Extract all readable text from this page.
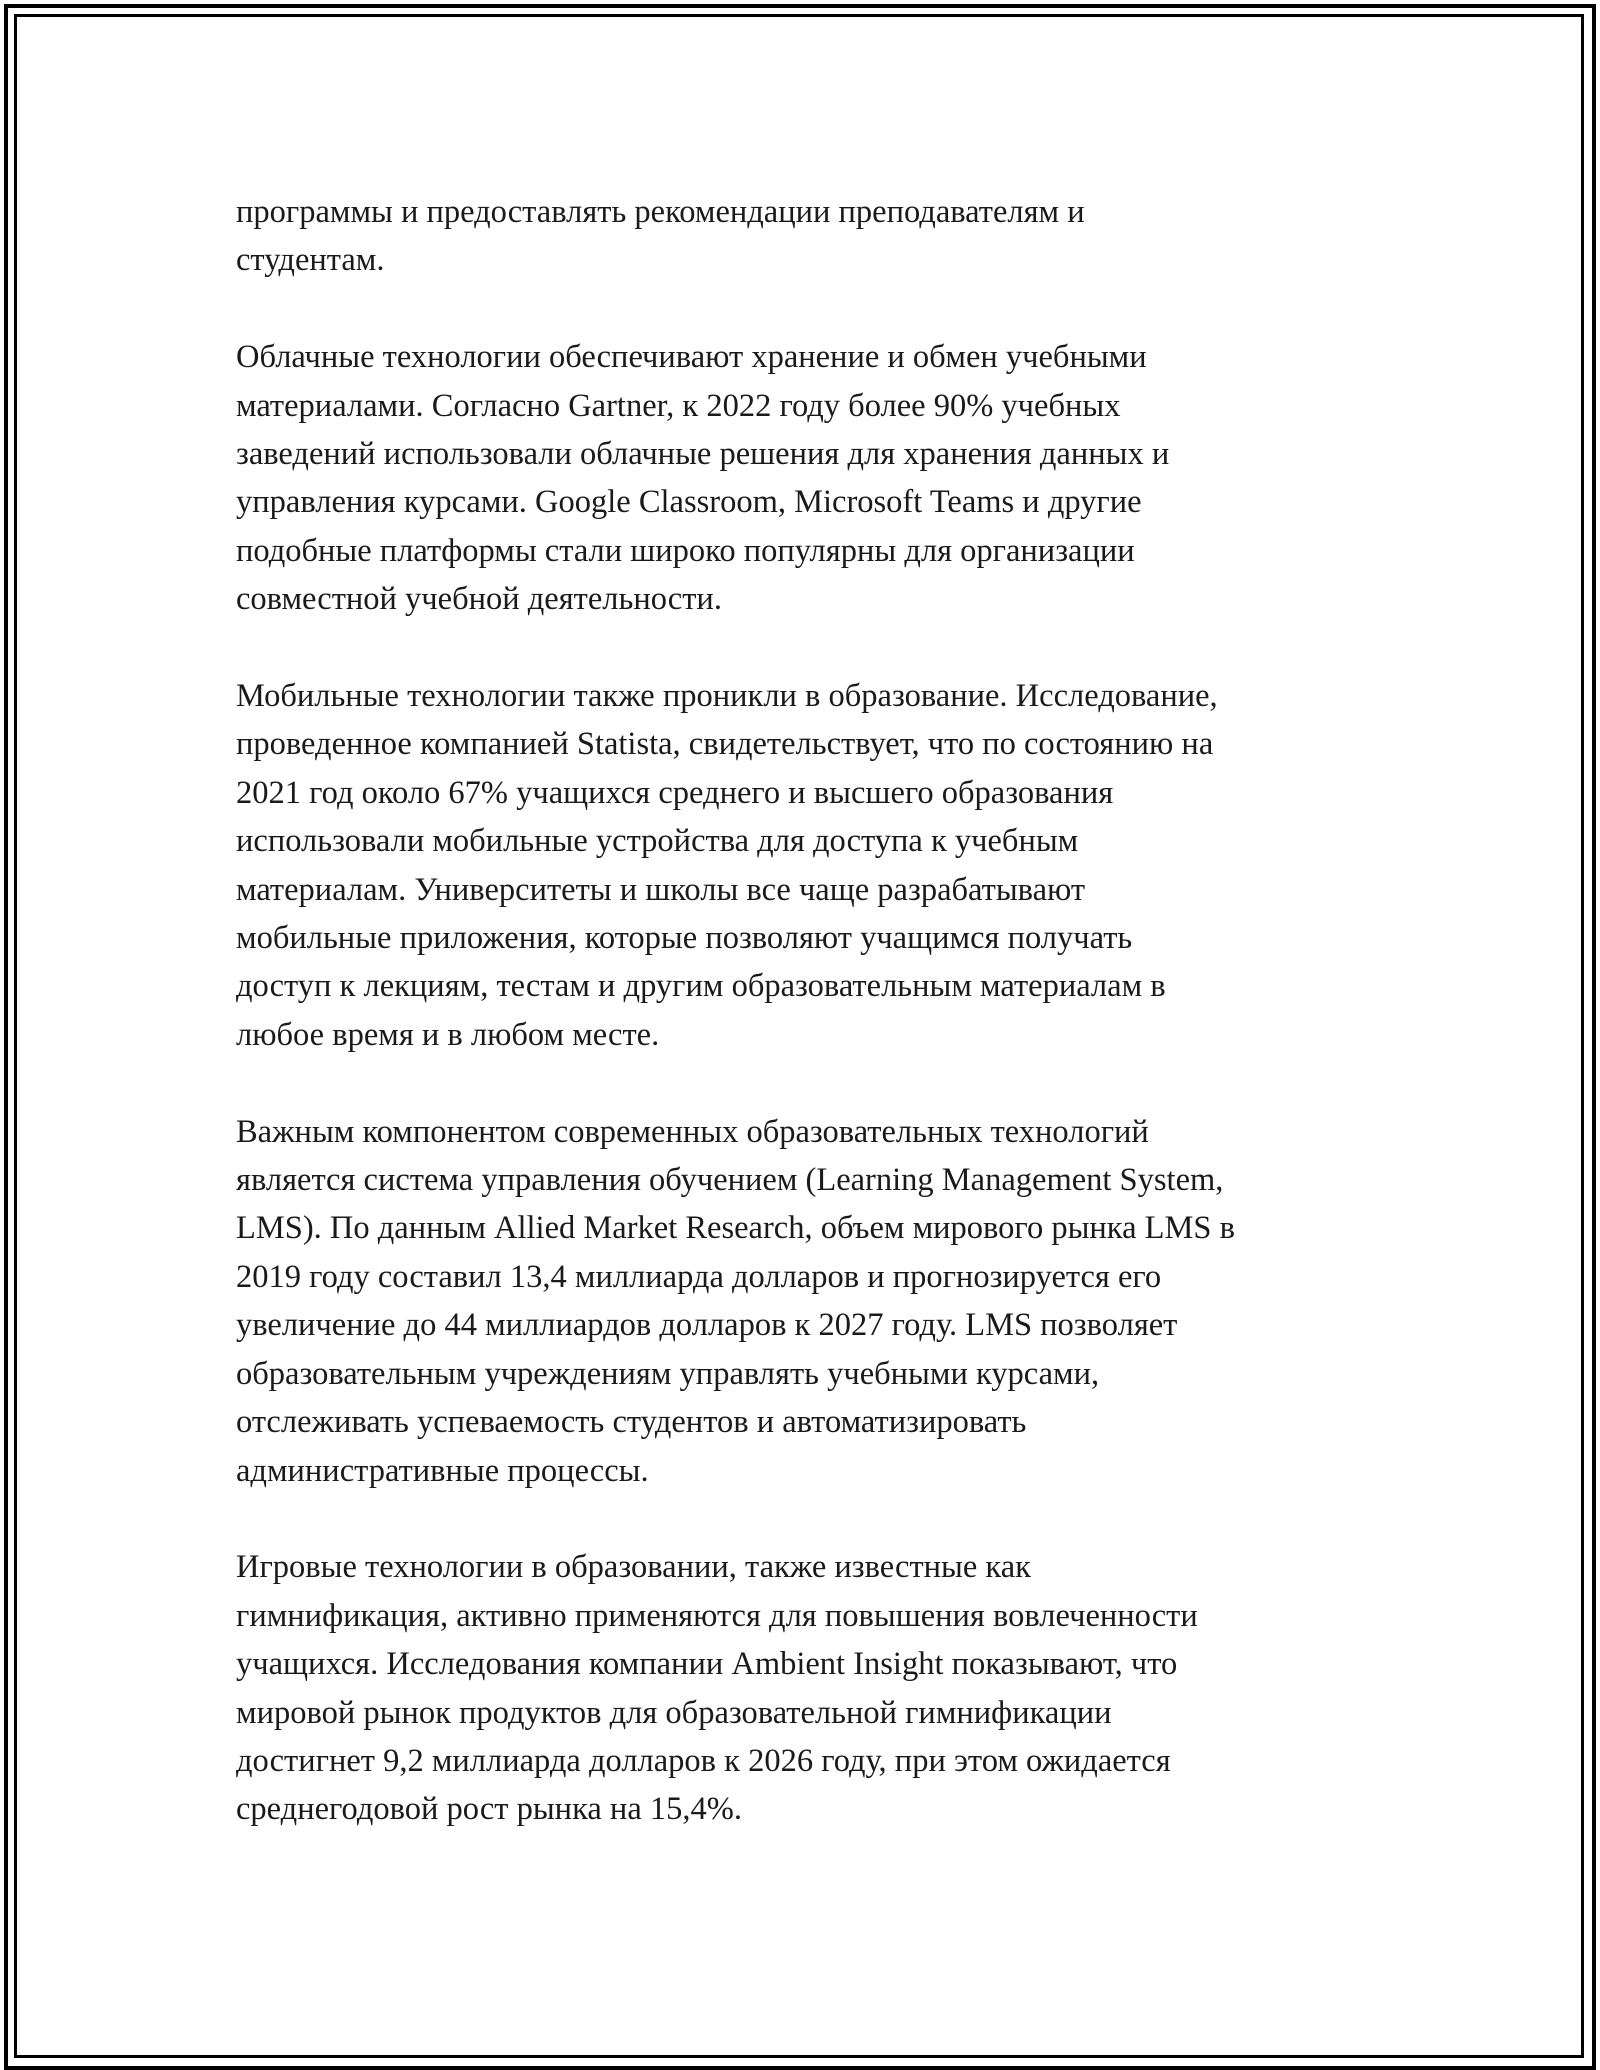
программы и предоставлять рекомендации преподавателям и
студентам.

Облачные технологии обеспечивают хранение и обмен учебными
материалами. Согласно Gartner, к 2022 году более 90% учебных
заведений использовали облачные решения для хранения данных и
управления курсами. Google Classroom, Microsoft Teams и другие
подобные платформы стали широко популярны для организации
совместной учебной деятельности.

Мобильные технологии также проникли в образование. Исследование,
проведенное компанией Statista, свидетельствует, что по состоянию на
2021 год около 67% учащихся среднего и высшего образования
использовали мобильные устройства для доступа к учебным
материалам. Университеты и школы все чаще разрабатывают
мобильные приложения, которые позволяют учащимся получать
доступ к лекциям, тестам и другим образовательным материалам в
любое время и в любом месте.

Важным компонентом современных образовательных технологий
является система управления обучением (Learning Management System,
LMS). По данным Allied Market Research, объем мирового рынка LMS в
2019 году составил 13,4 миллиарда долларов и прогнозируется его
увеличение до 44 миллиардов долларов к 2027 году. LMS позволяет
образовательным учреждениям управлять учебными курсами,
отслеживать успеваемость студентов и автоматизировать
административные процессы.

Игровые технологии в образовании, также известные как
гимнификация, активно применяются для повышения вовлеченности
учащихся. Исследования компании Ambient Insight показывают, что
мировой рынок продуктов для образовательной гимнификации
достигнет 9,2 миллиарда долларов к 2026 году, при этом ожидается
среднегодовой рост рынка на 15,4%.
